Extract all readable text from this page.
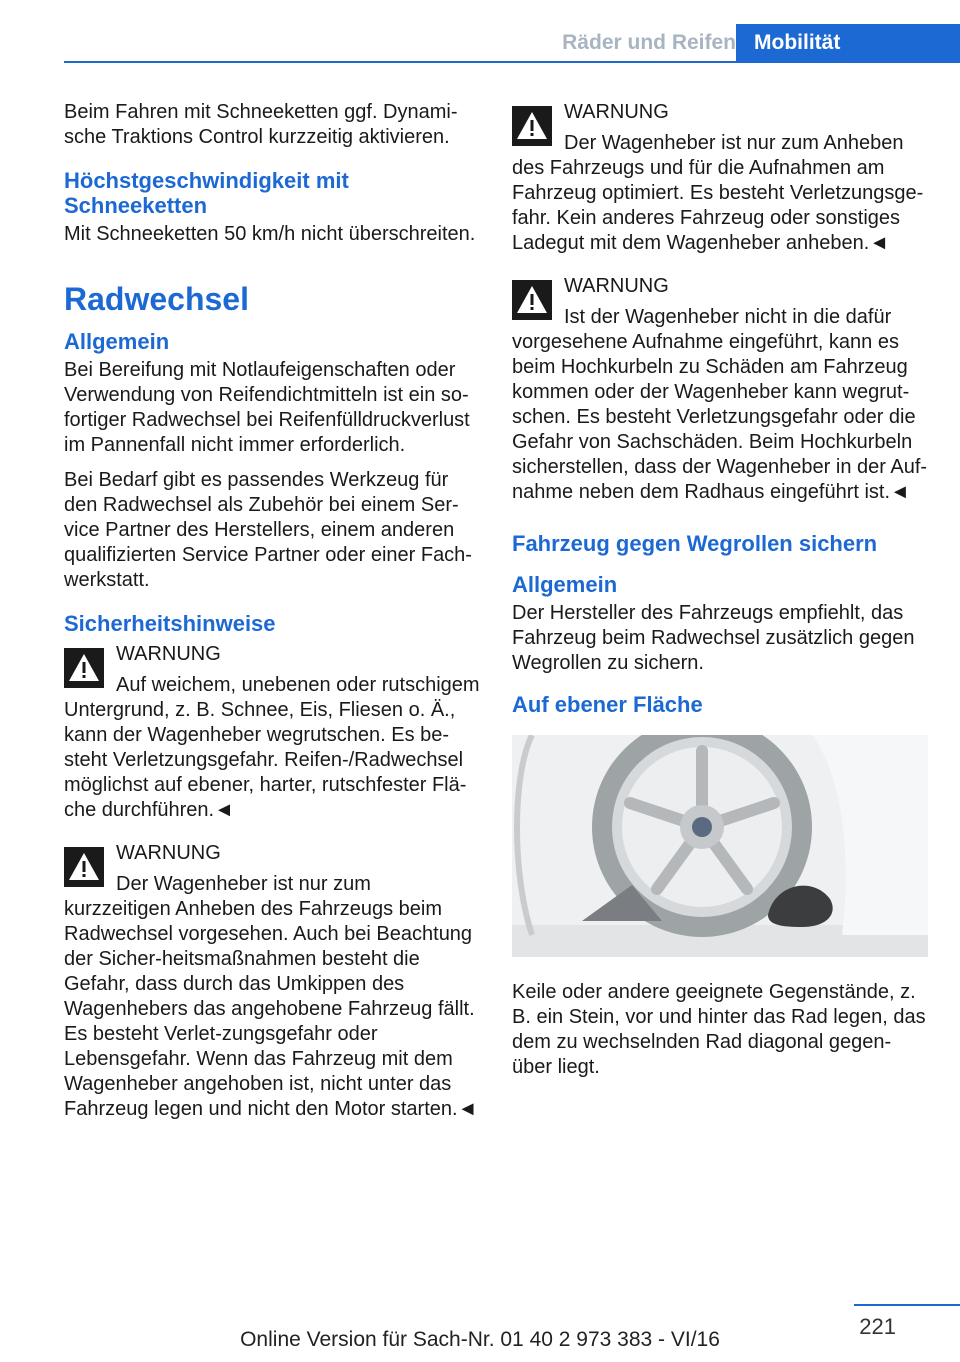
Räder und Reifen Mobilität

Beim Fahren mit Schneeketten ggf. Dynami-sche Traktions Control kurzzeitig aktivieren.

Höchstgeschwindigkeit mit Schneeketten

Mit Schneeketten 50 km/h nicht überschreiten.

Radwechsel
Allgemein

Bei Bereifung mit Notlaufeigenschaften oder Verwendung von Reifendichtmitteln ist ein so-fortiger Radwechsel bei Reifenfülldruckverlust im Pannenfall nicht immer erforderlich.

Bei Bedarf gibt es passendes Werkzeug für den Radwechsel als Zubehör bei einem Ser-vice Partner des Herstellers, einem anderen qualifizierten Service Partner oder einer Fach-werkstatt.

Sicherheitshinweise
WARNUNG
Auf weichem, unebenen oder rutschigem Untergrund, z. B. Schnee, Eis, Fliesen o. Ä., kann der Wagenheber wegrutschen. Es be-steht Verletzungsgefahr. Reifen-/Radwechsel möglichst auf ebener, harter, rutschfester Flä-che durchführen.◄
WARNUNG
Der Wagenheber ist nur zum kurzzeitigen Anheben des Fahrzeugs beim Radwechsel vorgesehen. Auch bei Beachtung der Sicher-heitsmaßnahmen besteht die Gefahr, dass durch das Umkippen des Wagenhebers das angehobene Fahrzeug fällt. Es besteht Verlet-zungsgefahr oder Lebensgefahr. Wenn das Fahrzeug mit dem Wagenheber angehoben ist, nicht unter das Fahrzeug legen und nicht den Motor starten.◄
WARNUNG
Der Wagenheber ist nur zum Anheben des Fahrzeugs und für die Aufnahmen am Fahrzeug optimiert. Es besteht Verletzungsge-fahr. Kein anderes Fahrzeug oder sonstiges Ladegut mit dem Wagenheber anheben.◄
WARNUNG
Ist der Wagenheber nicht in die dafür vorgesehene Aufnahme eingeführt, kann es beim Hochkurbeln zu Schäden am Fahrzeug kommen oder der Wagenheber kann wegrut-schen. Es besteht Verletzungsgefahr oder die Gefahr von Sachschäden. Beim Hochkurbeln sicherstellen, dass der Wagenheber in der Auf-nahme neben dem Radhaus eingeführt ist.◄
Fahrzeug gegen Wegrollen sichern
Allgemein

Der Hersteller des Fahrzeugs empfiehlt, das Fahrzeug beim Radwechsel zusätzlich gegen Wegrollen zu sichern.

Auf ebener Fläche

Keile oder andere geeignete Gegenstände, z. B. ein Stein, vor und hinter das Rad legen, das dem zu wechselnden Rad diagonal gegen-über liegt.

221
Online Version für Sach-Nr. 01 40 2 973 383 - VI/16
